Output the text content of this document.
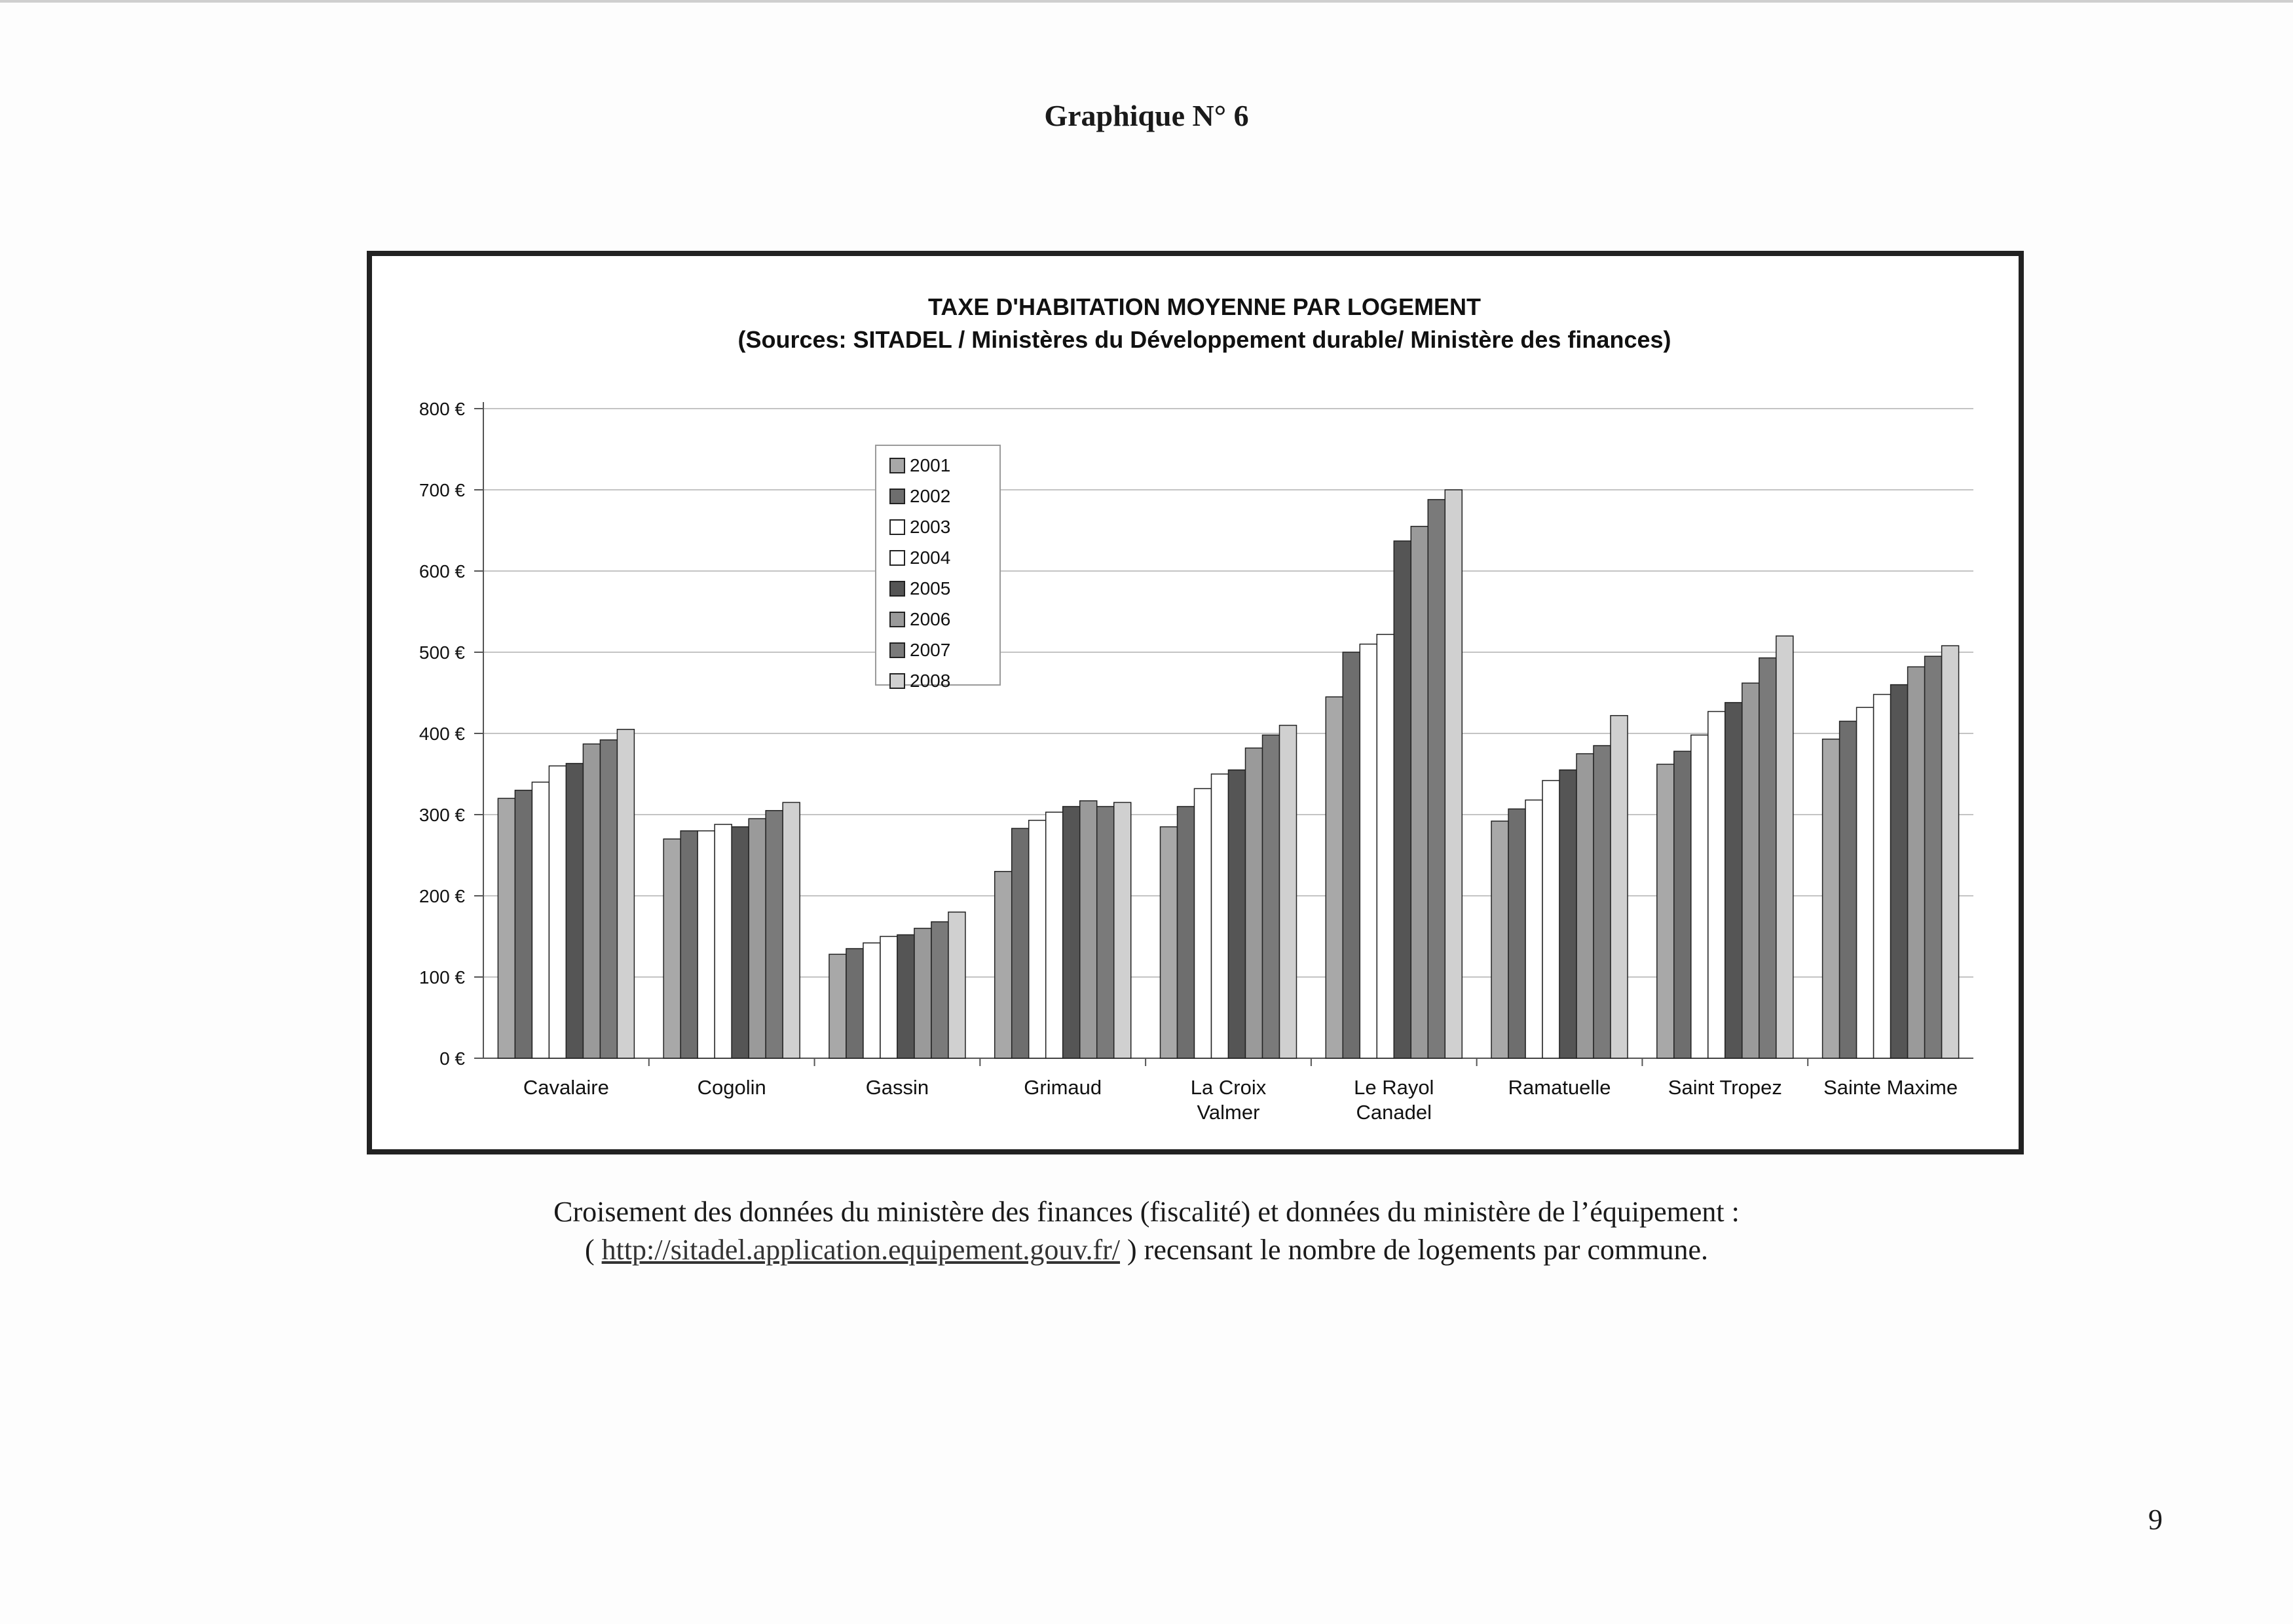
Graphique N° 6
TAXE D'HABITATION MOYENNE PAR LOGEMENT
(Sources: SITADEL / Ministères du Développement durable/ Ministère des finances)
0 €
100 €
200 €
300 €
400 €
500 €
600 €
700 €
800 €
Cavalaire	Cogolin	Gassin	Grimaud	La Croix
Valmer
Le Rayol
Canadel
Ramatuelle	Saint Tropez Sainte Maxime
2001
2002
2003
2004
2005
2006
2007
2008
Croisement des données du ministère des finances (fiscalité) et données du ministère de l’équipement :
( http://sitadel.application.equipement.gouv.fr/ ) recensant le nombre de logements par commune.
9
